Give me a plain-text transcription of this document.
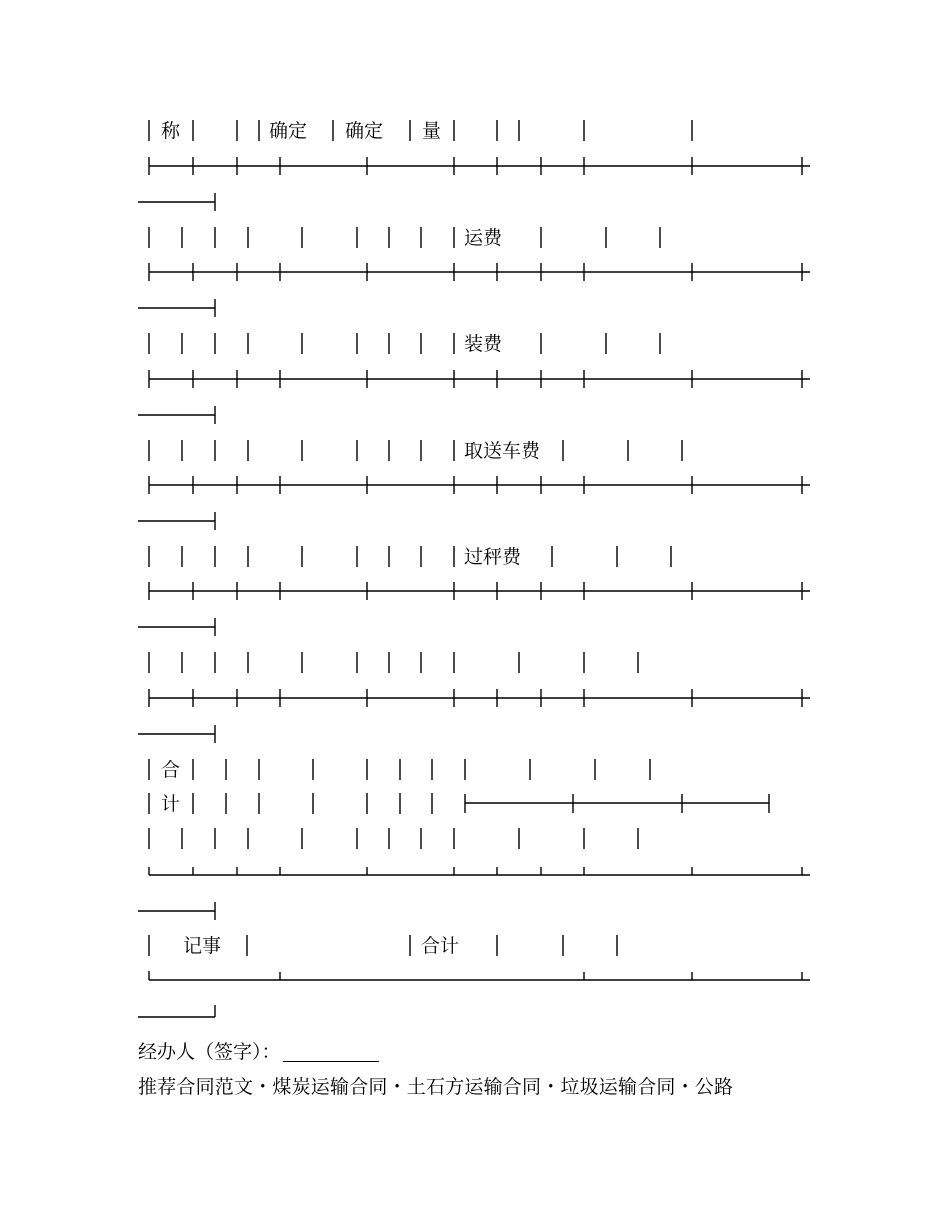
称	确定 确定 量
运费
装费
取送车费
过秤费
合
计
记事	合计
经办人（签字）：
推荐合同范文・煤炭运输合同・土石方运输合同・垃圾运输合同・公路
